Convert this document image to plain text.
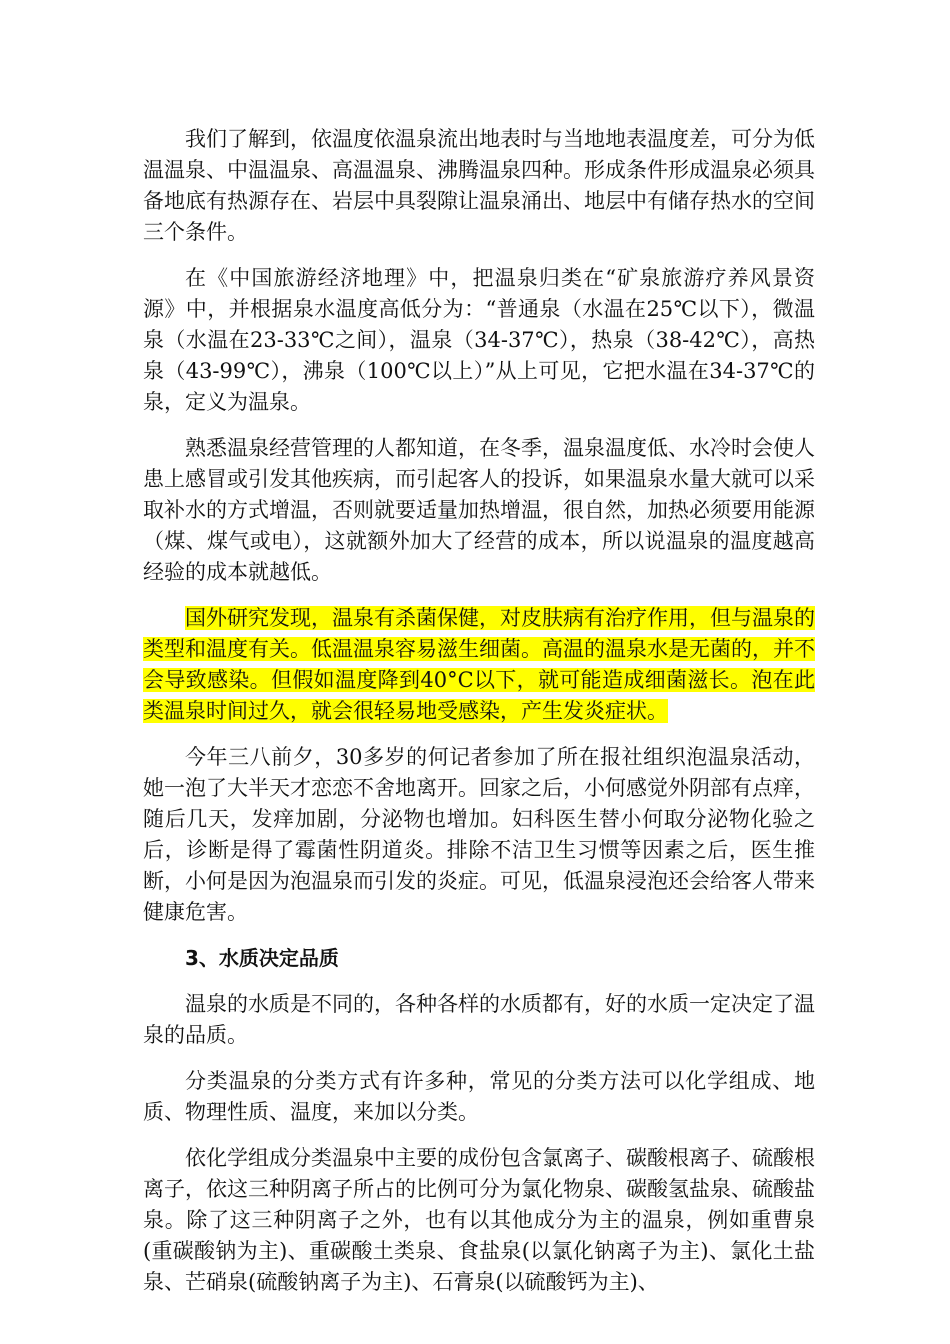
我们了解到，依温度依温泉流出地表时与当地地表温度差，可分为低温温泉、中温温泉、高温温泉、沸腾温泉四种。形成条件形成温泉必须具备地底有热源存在、岩层中具裂隙让温泉涌出、地层中有储存热水的空间三个条件。

在《中国旅游经济地理》中，把温泉归类在“矿泉旅游疗养风景资源》中，并根据泉水温度高低分为：“普通泉（水温在25℃以下），微温泉（水温在23-33℃之间），温泉（34-37℃），热泉（38-42℃），高热泉（43-99℃），沸泉（100℃以上）”从上可见，它把水温在34-37℃的泉，定义为温泉。

熟悉温泉经营管理的人都知道，在冬季，温泉温度低、水冷时会使人患上感冒或引发其他疾病，而引起客人的投诉，如果温泉水量大就可以采取补水的方式增温，否则就要适量加热增温，很自然，加热必须要用能源（煤、煤气或电），这就额外加大了经营的成本，所以说温泉的温度越高经验的成本就越低。

国外研究发现，温泉有杀菌保健，对皮肤病有治疗作用，但与温泉的类型和温度有关。低温温泉容易滋生细菌。高温的温泉水是无菌的，并不会导致感染。但假如温度降到40°C以下，就可能造成细菌滋长。泡在此类温泉时间过久，就会很轻易地受感染，产生发炎症状。

今年三八前夕，30多岁的何记者参加了所在报社组织泡温泉活动，她一泡了大半天才恋恋不舍地离开。回家之后，小何感觉外阴部有点痒，随后几天，发痒加剧，分泌物也增加。妇科医生替小何取分泌物化验之后，诊断是得了霉菌性阴道炎。排除不洁卫生习惯等因素之后，医生推断，小何是因为泡温泉而引发的炎症。可见，低温泉浸泡还会给客人带来健康危害。

3、水质决定品质

温泉的水质是不同的，各种各样的水质都有，好的水质一定决定了温泉的品质。

分类温泉的分类方式有许多种，常见的分类方法可以化学组成、地质、物理性质、温度，来加以分类。

依化学组成分类温泉中主要的成份包含氯离子、碳酸根离子、硫酸根离子，依这三种阴离子所占的比例可分为氯化物泉、碳酸氢盐泉、硫酸盐泉。除了这三种阴离子之外，也有以其他成分为主的温泉，例如重曹泉(重碳酸钠为主)、重碳酸土类泉、食盐泉(以氯化钠离子为主)、氯化土盐泉、芒硝泉(硫酸钠离子为主)、石膏泉(以硫酸钙为主)、
